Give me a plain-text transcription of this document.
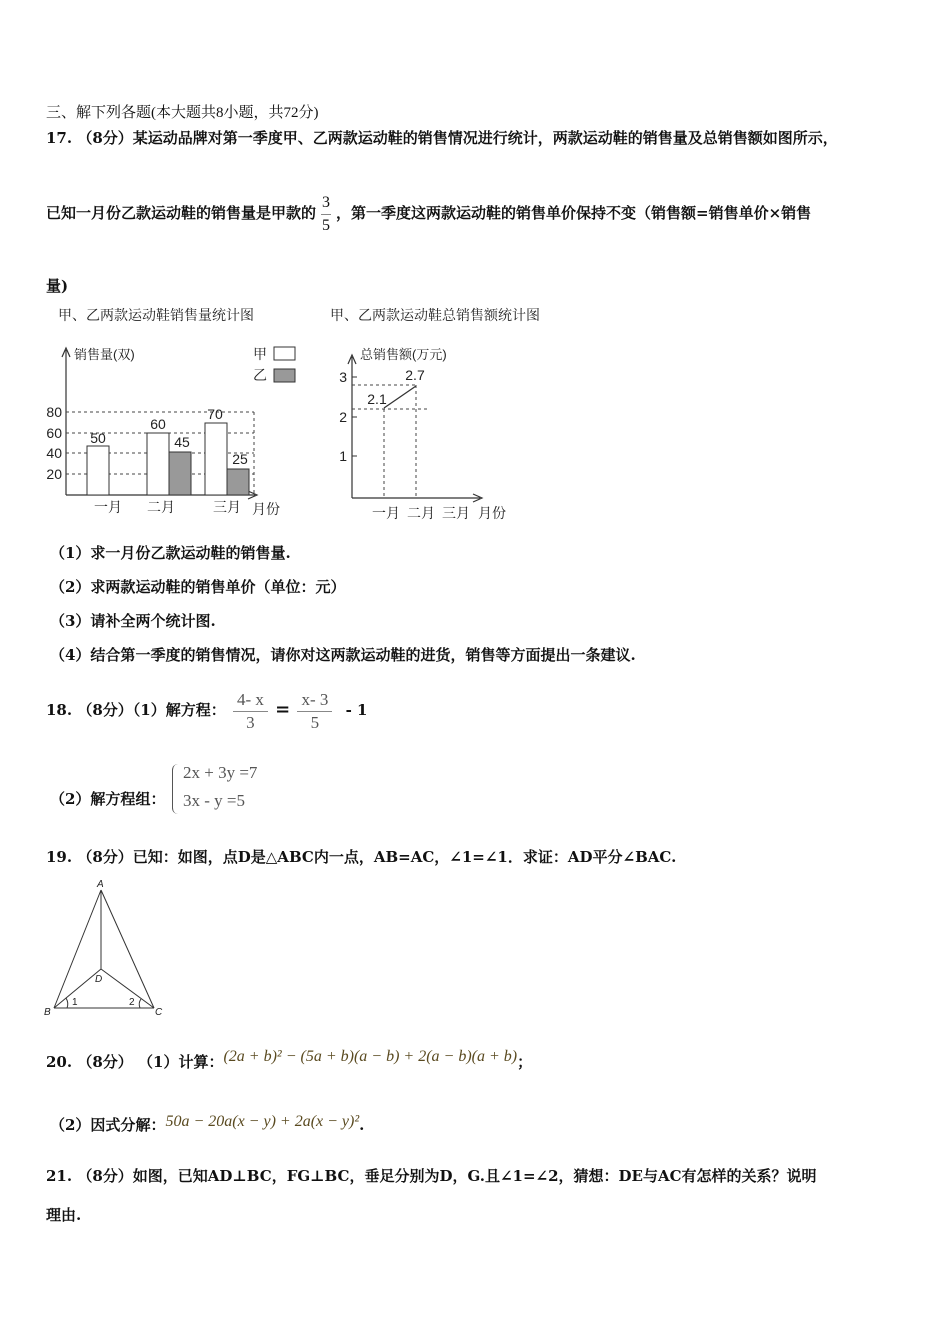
三、解下列各题(本大题共8小题，共72分)
17. （8分）某运动品牌对第一季度甲、乙两款运动鞋的销售情况进行统计，两款运动鞋的销售量及总销售额如图所示，
已知一月份乙款运动鞋的销售量是甲款的 $\frac{3}{5}$ ，第一季度这两款运动鞋的销售单价保持不变（销售额=销售单价×销售
量)
甲、乙两款运动鞋销售量统计图
销售量(双)	甲
乙
80
60
40
20
50
60
45
70
25
一月 二月	三月 月份
甲、乙两款运动鞋总销售额统计图
总销售额(万元)
3
2
1
2.1
2.7
一月 二月 三月 月份
（1）求一月份乙款运动鞋的销售量.
（2）求两款运动鞋的销售单价（单位：元）
（3）请补全两个统计图.
（4）结合第一季度的销售情况，请你对这两款运动鞋的进货，销售等方面提出一条建议.
18. （8分）（1）解方程： $\frac{4- x}{3} = \frac{x- 3}{5} - 1$
（2）解方程组：
2x + 3y =7
3x - y =5
19. （8分）已知：如图，点D是△ABC内一点，AB=AC，∠1=∠1．求证：AD平分∠BAC.
A
B	C
D
1	2
20. （8分） （1）计算：(2a + b)² − (5a + b)(a − b) + 2(a − b)(a + b)；
（2）因式分解：50a − 20a(x − y) + 2a(x − y)².
21. （8分）如图，已知AD⊥BC，FG⊥BC，垂足分别为D，G.且∠1=∠2，猜想：DE与AC有怎样的关系？说明
理由.
